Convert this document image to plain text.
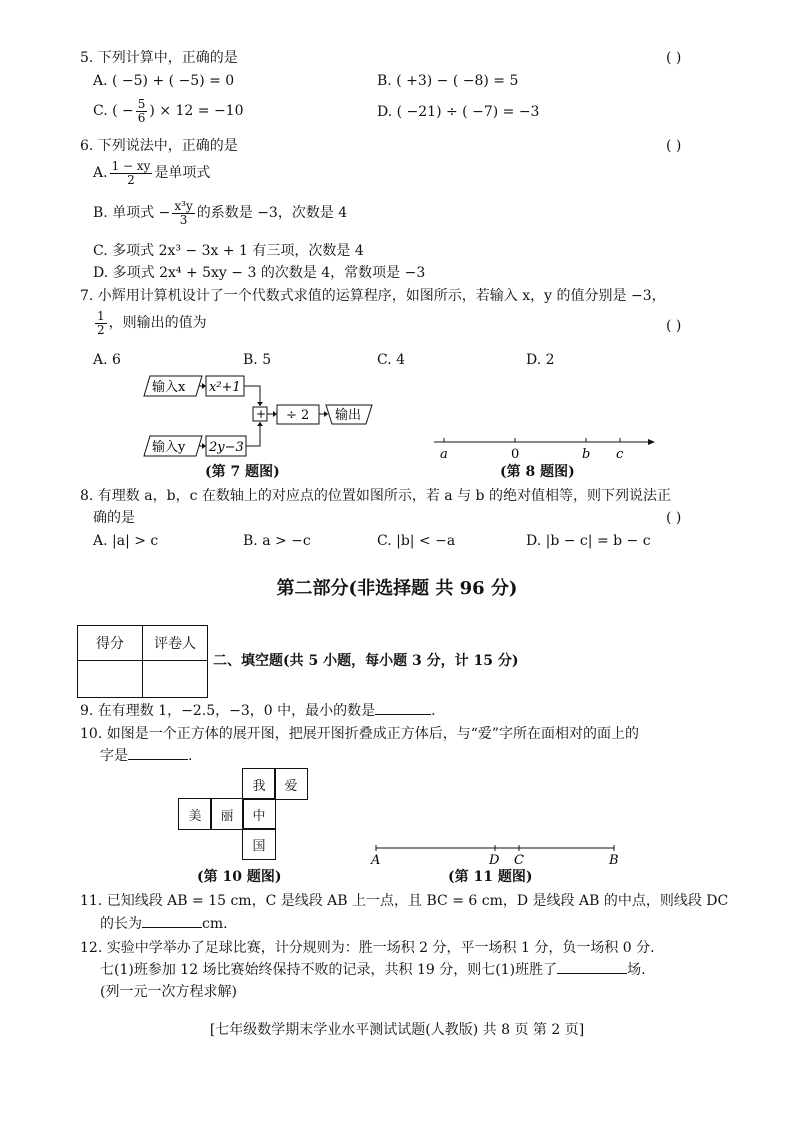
5. 下列计算中，正确的是	( )
A. ( −5) + ( −5) = 0	B. ( +3) − ( −8) = 5
C. ( − $\frac{5}{6}$ ) × 12 = −10	D. ( −21) ÷ ( −7) = −3
6. 下列说法中，正确的是	( )
A. $\frac{1 - xy}{2}$ 是单项式
B. 单项式 − $\frac{\text{x³y}}{3}$ 的系数是 −3，次数是 4
C. 多项式 2x³ − 3x + 1 有三项，次数是 4
D. 多项式 2x⁴ + 5xy − 3 的次数是 4，常数项是 −3
7. 小辉用计算机设计了一个代数式求值的运算程序，如图所示，若输入 x，y 的值分别是 −3，
$\frac{1}{2}$ ，则输出的值为	( )
A. 6	B. 5	C. 4	D. 2
输入x x²+1
+ ÷ 2 输出
输入y 2y−3
(第 7 题图)
a	0	b c
(第 8 题图)
8. 有理数 a，b，c 在数轴上的对应点的位置如图所示，若 a 与 b 的绝对值相等，则下列说法正
确的是	( )
A. |a| > c	B. a > −c	C. |b| < −a	D. |b − c| = b − c
第二部分(非选择题 共 96 分)
得分	评卷人

二、填空题(共 5 小题，每小题 3 分，计 15 分)
9. 在有理数 1，−2.5，−3，0 中，最小的数是	.
10. 如图是一个正方体的展开图，把展开图折叠成正方体后，与“爱”字所在面相对的面上的
字是	.
我	爱
美	丽	中
国
(第 10 题图)
A	D C	B
(第 11 题图)
11. 已知线段 AB = 15 cm，C 是线段 AB 上一点，且 BC = 6 cm，D 是线段 AB 的中点，则线段 DC
的长为	cm.
12. 实验中学举办了足球比赛，计分规则为：胜一场积 2 分，平一场积 1 分，负一场积 0 分.
七(1)班参加 12 场比赛始终保持不败的记录，共积 19 分，则七(1)班胜了	场.
(列一元一次方程求解)
[七年级数学期末学业水平测试试题(人教版) 共 8 页 第 2 页]
